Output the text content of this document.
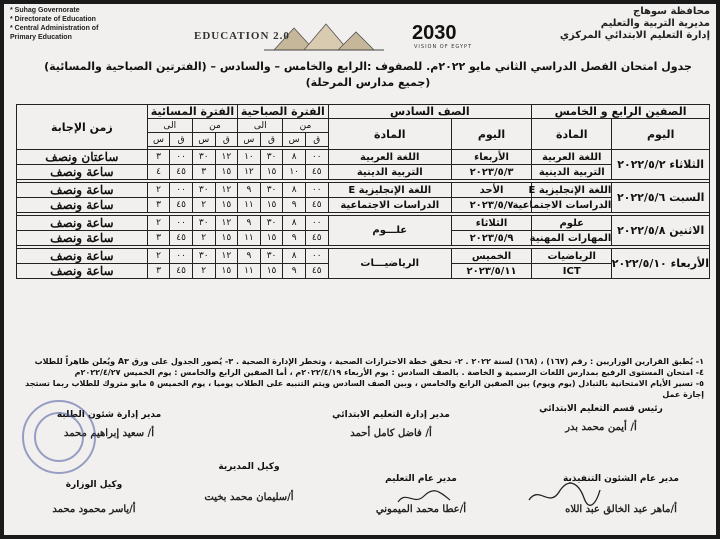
* Suhag Governorate
* Directorate of Education
* Central Administration of
Primary Education	EDUCATION 2.0	2030
VISION OF EGYPT
محافظة سوهاج
مديرية التربية والتعليم
إدارة التعليم الابتدائي المركزي
جدول امتحان الفصل الدراسي الثاني مايو ٢٠٢٢م. للصفوف :الرابع والخامس – والسادس – (الفترتين الصباحية والمسائية)
(جميع مدارس المرحلة)
الصفين الرابع و الخامس		الصف السادس		الفترة الصباحية				الفترة المسائية				زمن الإجابة
اليوم	المادة	اليوم	المادة	من		الى		من		الى		
				ق	س	ق	س	ق	س	ق	س	

الثلاثاء ٢٠٢٢/٥/٢	اللغة العربية	الأربعاء	اللغة العربية	٠٠	٨	٣٠	١٠	١٢	٣٠	٠٠	٣	ساعتان ونصف
	التربية الدينية	٢٠٢٣/٥/٣	التربية الدينية	٤٥	١٠	١٥	١٢	١٥	٣	٤٥	٤	ساعة ونصف

السبت ٢٠٢٢/٥/٦	اللغة الإنجليزية E	الأحد	اللغة الإنجليزية E	٠٠	٨	٣٠	٩	١٢	٣٠	٠٠	٢	ساعة ونصف
	الدراسات الاجتماعية	٢٠٢٣/٥/٧	الدراسات الاجتماعية	٤٥	٩	١٥	١١	١٥	٢	٤٥	٣	ساعة ونصف

الاثنين ٢٠٢٢/٥/٨	علوم	الثلاثاء	علـــوم	٠٠	٨	٣٠	٩	١٢	٣٠	٠٠	٢	ساعة ونصف
	المهارات المهنية	٢٠٢٣/٥/٩		٤٥	٩	١٥	١١	١٥	٢	٤٥	٣	ساعة ونصف

الأربعاء ٢٠٢٢/٥/١٠	الرياضيات	الخميس	الرياضيـــات	٠٠	٨	٣٠	٩	١٢	٣٠	٠٠	٢	ساعة ونصف
	ICT	٢٠٢٣/٥/١١		٤٥	٩	١٥	١١	١٥	٢	٤٥	٣	ساعة ونصف
١- يُطبق القرارين الوزاريين : رقم (١٦٧) ، (١٦٨) لسنة ٢٠٢٢ . ٢- تحقق خطة الاحترازات الصحية ، وتخطر الإدارة الصحية . ٣- يُصور الجدول على ورق A٣ ويُعلن ظاهراً للطلاب
٤- امتحان المستوى الرفيع بمدارس اللغات الرسمية و الخاصة . بالصف السادس : يوم الأربعاء ٢٠٢٢/٤/١٩م ، أما الصفين الرابع والخامس : يوم الخميس ٢٠٢٢/٤/٢٧م
٥- تسير الأيام الامتحانية بالتبادل (يوم ويوم) بين الصفين الرابع والخامس ، وبين الصف السادس ويتم التنبيه على الطلاب يوميا ، يوم الخميس ٥ مايو متروك للطلاب ربما تستجد إجازة عمل
رئيس قسم التعليم الابتدائي
أ/ أيمن محمد بدر
مدير إدارة التعليم الابتدائي
أ/ فاضل كامل أحمد
مدير إدارة شئون الطلبة
أ/ سعيد إبراهيم محمد
مدير عام الشئون التنفيذية
أ/ماهر عبد الخالق عبد اللاه
مدير عام التعليم
أ/عطا محمد الميموني
وكيل المديرية
أ/سليمان محمد بخيت
وكيل الوزارة
أ/ياسر محمود محمد
